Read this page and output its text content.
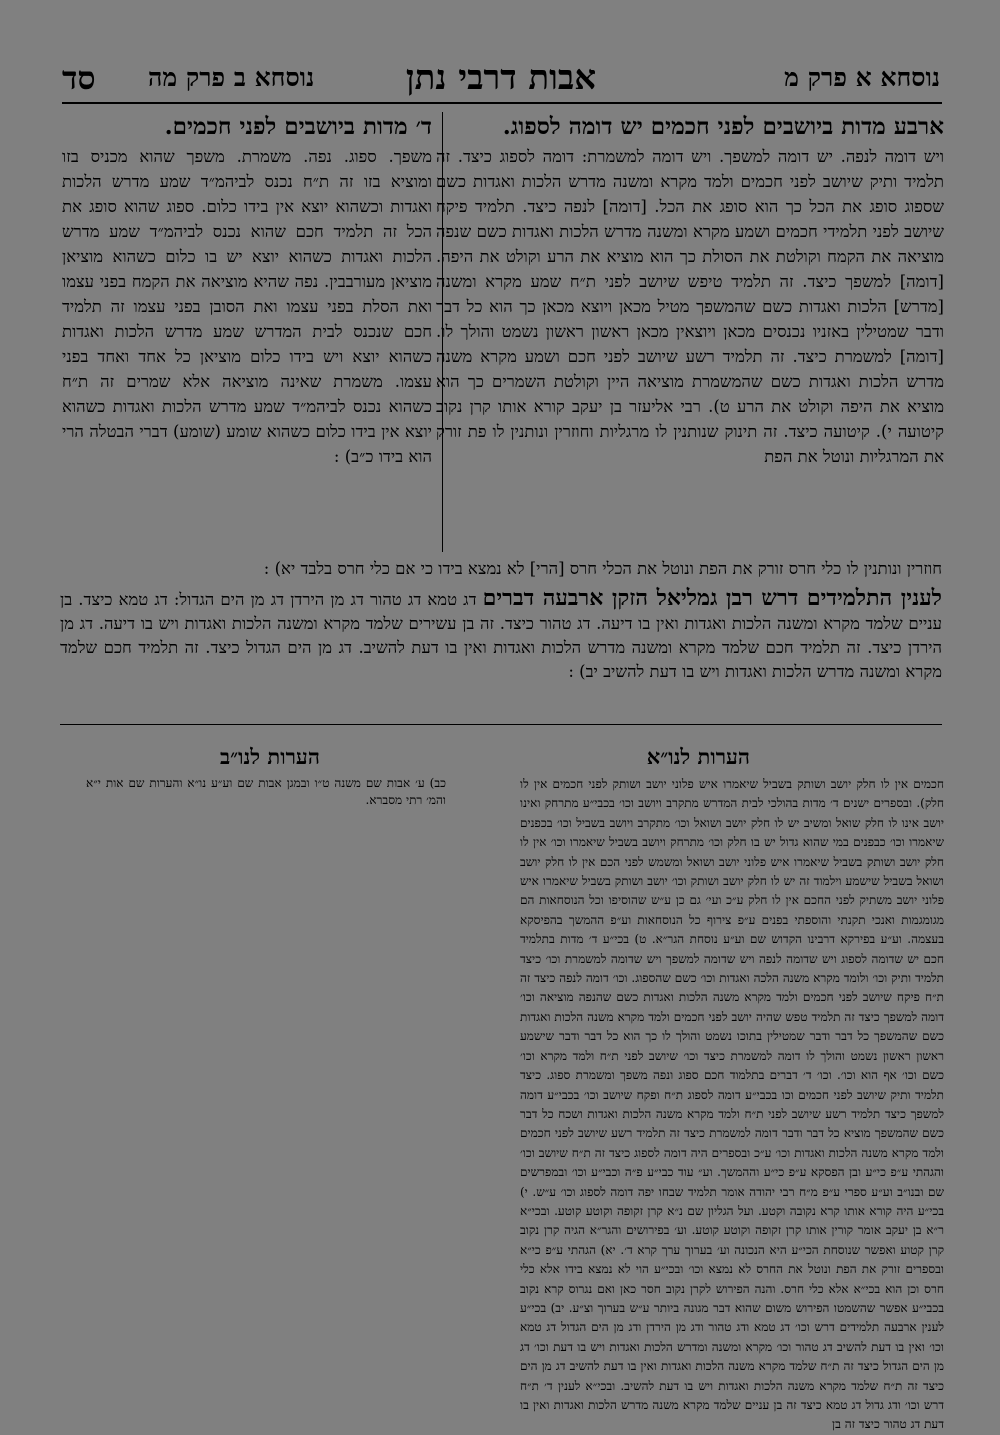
נוסחא א פרק מ
אבות דרבי נתן
נוסחא ב פרק מה
סד
ארבע מדות ביושבים לפני חכמים יש דומה לספוג.
ויש דומה לנפה. יש דומה למשפך. ויש דומה למשמרת: דומה לספוג כיצד. זה תלמיד ותיק שיושב לפני חכמים ולמד מקרא ומשנה מדרש הלכות ואגדות כשם שספוג סופג את הכל כך הוא סופג את הכל. [דומה] לנפה כיצד. תלמיד פיקח שיושב לפני תלמידי חכמים ושמע מקרא ומשנה מדרש הלכות ואגדות כשם שנפה מוציאה את הקמח וקולטת את הסולת כך הוא מוציא את הרע וקולט את היפה. [דומה] למשפך כיצד. זה תלמיד טיפש שיושב לפני ת״ח שמע מקרא ומשנה [מדרש] הלכות ואגדות כשם שהמשפך מטיל מכאן ויוצא מכאן כך הוא כל דבר ודבר שמטילין באזניו נכנסים מכאן ויוצאין מכאן ראשון ראשון נשמט והולך לו. [דומה] למשמרת כיצד. זה תלמיד רשע שיושב לפני חכם ושמע מקרא משנה מדרש הלכות ואגדות כשם שהמשמרת מוציאה היין וקולטת השמרים כך הוא מוציא את היפה וקולט את הרע ט). רבי אליעזר בן יעקב קורא אותו קרן נקוב קיטועה י). קיטועה כיצד. זה תינוק שנותנין לו מרגליות וחוזרין ונותנין לו פת זורק את המרגליות ונוטל את הפת
ד׳ מדות ביושבים לפני חכמים.
משפך. ספוג. נפה. משמרת. משפך שהוא מכניס בזו ומוציא בזו זה ת״ח נכנס לביהמ״ד שמע מדרש הלכות ואגדות וכשהוא יוצא אין בידו כלום. ספוג שהוא סופג את הכל זה תלמיד חכם שהוא נכנס לביהמ״ד שמע מדרש הלכות ואגדות כשהוא יוצא יש בו כלום כשהוא מוציאן מוציאן מעורבבין. נפה שהיא מוציאה את הקמח בפני עצמו ואת הסלת בפני עצמו ואת הסובן בפני עצמו זה תלמיד חכם שנכנס לבית המדרש שמע מדרש הלכות ואגדות כשהוא יוצא ויש בידו כלום מוציאן כל אחד ואחד בפני עצמו. משמרת שאינה מוציאה אלא שמרים זה ת״ח כשהוא נכנס לביהמ״ד שמע מדרש הלכות ואגדות כשהוא יוצא אין בידו כלום כשהוא שומע (שומע) דברי הבטלה הרי הוא בידו כ״ב) :
חוזרין ונותנין לו כלי חרס זורק את הפת ונוטל את הכלי חרס [הרי] לא נמצא בידו כי אם כלי חרס בלבד יא) :
לענין התלמידים דרש רבן גמליאל הזקן ארבעה דברים דג טמא דג טהור דג מן הירדן דג מן הים הגדול: דג טמא כיצד. בן עניים שלמד מקרא ומשנה הלכות ואגדות ואין בו דיעה. דג טהור כיצד. זה בן עשירים שלמד מקרא ומשנה הלכות ואגדות ויש בו דיעה. דג מן הירדן כיצד. זה תלמיד חכם שלמד מקרא ומשנה מדרש הלכות ואגדות ואין בו דעת להשיב. דג מן הים הגדול כיצד. זה תלמיד חכם שלמד מקרא ומשנה מדרש הלכות ואגדות ויש בו דעת להשיב יב) :
הערות לנו״א
הערות לנו״ב
כב) ע׳ אבות שם משנה ט״ו ובמגן אבות שם וע״ע נו״א והערות שם אות י״א והמ׳ רתי מסברא.
חכמים אין לו חלק יושב ושותק בשביל שיאמרו איש פלוני יושב ושותק לפני חכמים אין לו חלק). ובספרים ישנים ד׳ מדות בהולכי לבית המדרש מתקרב ויושב וכו׳ בכבי״ע מתרחק ואינו יושב אינו לו חלק שואל ומשיב יש לו חלק יושב ושואל וכו׳ מתקרב ויושב בשביל וכו׳ בכפנים שיאמרו וכו׳ כבפנים במי שהוא גדול יש בו חלק וכו׳ מתרחק ויושב בשביל שיאמרו וכו׳ אין לו חלק יושב ושותק בשביל שיאמרו איש פלוני יושב ושואל ומשמש לפני הכם אין לו חלק יושב ושואל בשביל שישמע וילמוד זה יש לו חלק יושב ושותק וכו׳ יושב ושותק בשביל שיאמרו איש פלוני יושב משתיק לפני החכם אין לו חלק ע״כ ועי׳ גם כן ע״ש שהוסיפו וכל הנוסחאות הם מגומגמות ואנכי תקנתי והוספתי בפנים ע״פ צירוף כל הנוסחאות וע״פ ההמשך בהפיסקא בעצמה. וע״ע בפירקא דרבינו הקדוש שם וע״ע נוסחת הגר״א. ט) בכי״ע ד׳ מדות בתלמיד חכם יש שדומה לספוג ויש שדומה לנפה ויש שדומה למשפך ויש שדומה למשמרת וכו׳ כיצד תלמיד ותיק וכו׳ ולומד מקרא משנה הלכה ואגדות וכו׳ כשם שהספוג. וכו׳ דומה לנפה כיצד זה ת״ח פיקח שיושב לפני חכמים ולמד מקרא משנה הלכות ואגדות כשם שהנפה מוציאה וכו׳ דומה למשפך כיצד זה תלמיד טפש שהיה יושב לפני חכמים ולמד מקרא משנה הלכות ואגדות כשם שהמשפך כל דבר ודבר שמטילין בתוכו נשמט והולך לו כך הוא כל דבר ודבר שישמע ראשון ראשון נשמט והולך לו דומה למשמרת כיצד וכו׳ שיושב לפני ת״ח ולמד מקרא וכו׳ כשם וכו׳ אף הוא וכו׳. וכו׳ ד׳ דברים בתלמוד חכם ספוג ונפה משפך ומשמרת ספוג. כיצד תלמיד ותיק שיושב לפני חכמים וכו בכבי״ע דומה לספוג ת״ח ופקח שיושב וכו׳ בכבי״ע דומה למשפך כיצד תלמיד רשע שיושב לפני ת״ח ולמד מקרא משנה הלכות ואגדות ושכח כל דבר כשם שהמשפך מוציא כל דבר ודבר דומה למשמרת כיצד זה תלמיד רשע שיושב לפני חכמים ולמד מקרא משנה הלכות ואגדות וכו׳ ע״כ ובספרים היה דומה לספוג כיצד זה ת״ח שיושב וכו׳ והגהתי ע״פ כי״ע ובן הפסקא ע״פ כי״ע וההמשך. וע״ עוד כבי״ע פ״ה וכבי״ע וכו׳ ובמפרשים שם ובנו״ב וע״ע ספרי ע״פ מ״ח רבי יהודה אומר תלמיד שבחו יפה דומה לספוג וכו׳ ע״ש. י) בכי״ע היה קורא אותו קרא נקובה וקטע. ועל הגליון שם נ״א קרן זקופה וקוטע קוטע. ובכי״א ר״א בן יעקב אומר קורין אותו קרן זקופה וקוטע קוטע. וע׳ בפירושים והגר״א הגיה קרן נקוב קרן קטוע ואפשר שנוסחת הכי״ע היא הנכונה וע׳ בערוך ערך קרא ד׳. יא) הגהתי ע״פ כי״א ובספרים זורק את הפת ונוטל את החרס לא נמצא וכו׳ ובכי״ע הוי לא נמצא בידו אלא כלי חרס וכן הוא בכי״א אלא כלי חרס. והנה הפירוש לקרן נקוב חסר כאן ואם נגרוס קרא נקוב בכבי״ע אפשר שהשמטו הפירוש משום שהוא דבר מגונה ביותר ע״ש בערוך וצ״ע. יב) בכי״ע לענין ארבעה תלמידים דרש וכו׳ דג טמא ודג טהור ודג מן הירדן ודג מן הים הגדול דג טמא וכו׳ ואין בו דעת להשיב דג טהור וכו׳ מקרא ומשנה ומדרש הלכות ואגדות ויש בו דעת וכו׳ דג מן הים הגדול כיצד זה ת״ח שלמד מקרא משנה הלכות ואגדות ואין בו דעת להשיב דג מן הים כיצד זה ת״ח שלמד מקרא משנה הלכות ואגדות ויש בו דעת להשיב. ובכי״א לענין ד׳ ת״ח דרש וכו׳ ודג גדול דג טמא כיצד זה בן עניים שלמד מקרא משנה מדרש הלכות ואגדות ואין בו דעת דג טהור כיצד זה בן
